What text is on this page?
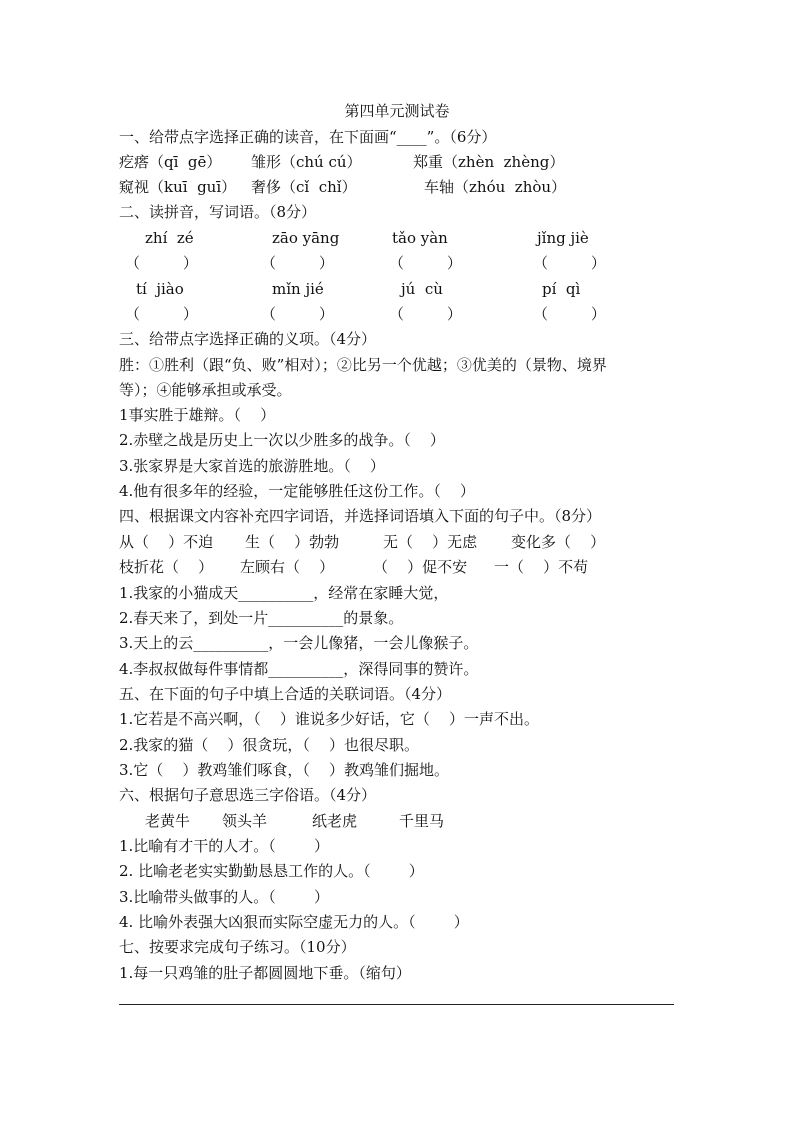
第四单元测试卷
一、给带点字选择正确的读音，在下面画“____”。（6分）
疙瘩（qī  gē） 雏形（chú cú）	郑重（zhèn  zhèng）
窥视（kuī  guī） 奢侈（cǐ  chǐ）	车轴（zhóu  zhòu）
二、读拼音，写词语。（8分）
zhí  zé	zāo yāng	tǎo yàn	jǐng jiè
（         ）	（         ）	（         ）	（         ）
tí  jiào	mǐn jié	jú  cù	pí  qì
（         ）	（         ）	（         ）	（         ）
三、给带点字选择正确的义项。（4分）
胜：①胜利（跟“负、败”相对）；②比另一个优越；③优美的（景物、境界
等）；④能够承担或承受。
1事实胜于雄辩。（    ）
2.赤壁之战是历史上一次以少胜多的战争。（    ）
3.张家界是大家首选的旅游胜地。（    ）
4.他有很多年的经验，一定能够胜任这份工作。（    ）
四、根据课文内容补充四字词语，并选择词语填入下面的句子中。（8分）
从（    ）不迫 生（    ）勃勃	无（    ）无虑 变化多（    ）
枝折花（    ） 左顾右（    ）	（    ）促不安 一（    ）不苟
1.我家的小猫成天__________，经常在家睡大觉，
2.春天来了，到处一片__________的景象。
3.天上的云__________，一会儿像猪，一会儿像猴子。
4.李叔叔做每件事情都__________，深得同事的赞许。
五、在下面的句子中填上合适的关联词语。（4分）
1.它若是不高兴啊，（    ）谁说多少好话，它（    ）一声不出。
2.我家的猫（    ）很贪玩，（    ）也很尽职。
3.它（    ）教鸡雏们啄食，（    ）教鸡雏们掘地。
六、根据句子意思选三字俗语。（4分）
老黄牛 领头羊	纸老虎	千里马
1.比喻有才干的人才。（        ）
2. 比喻老老实实勤勤恳恳工作的人。（        ）
3.比喻带头做事的人。（        ）
4. 比喻外表强大凶狠而实际空虚无力的人。（        ）
七、按要求完成句子练习。（10分）
1.每一只鸡雏的肚子都圆圆地下垂。（缩句）
